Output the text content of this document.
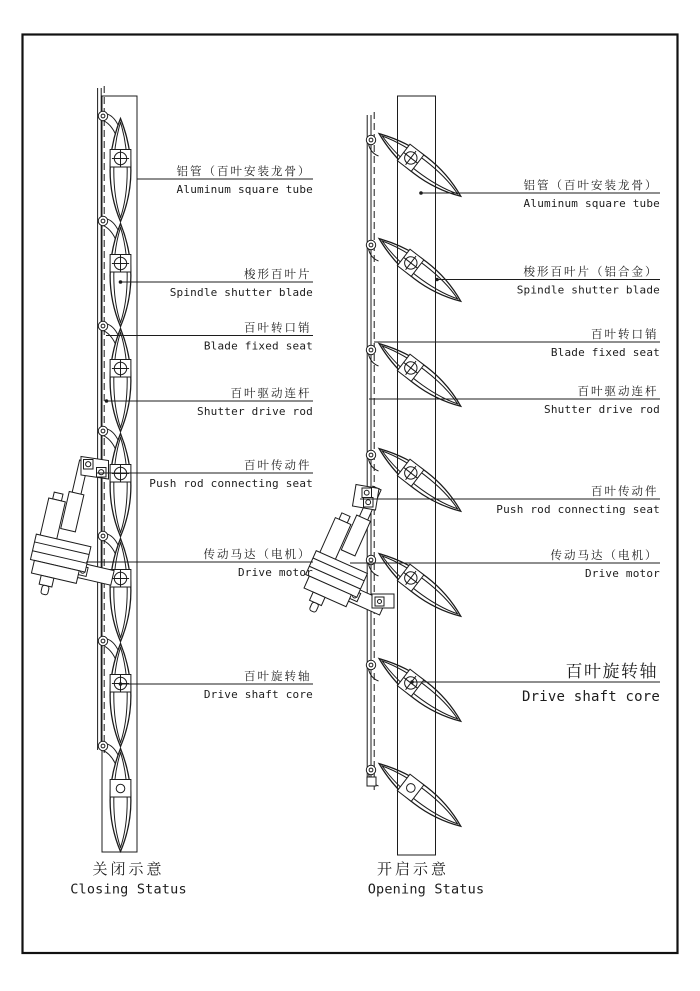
铝管（百叶安装龙骨）
Aluminum square tube
梭形百叶片
Spindle shutter blade
百叶转口销
Blade fixed seat
百叶驱动连杆
Shutter drive rod
百叶传动件
Push rod connecting seat
传动马达（电机）
Drive motor
百叶旋转轴
Drive shaft core
铝管（百叶安装龙骨）
Aluminum square tube
梭形百叶片（铝合金）
Spindle shutter blade
百叶转口销
Blade fixed seat
百叶驱动连杆
Shutter drive rod
百叶传动件
Push rod connecting seat
传动马达（电机）
Drive motor
百叶旋转轴
Drive shaft core
关闭示意
Closing Status
开启示意
Opening Status
